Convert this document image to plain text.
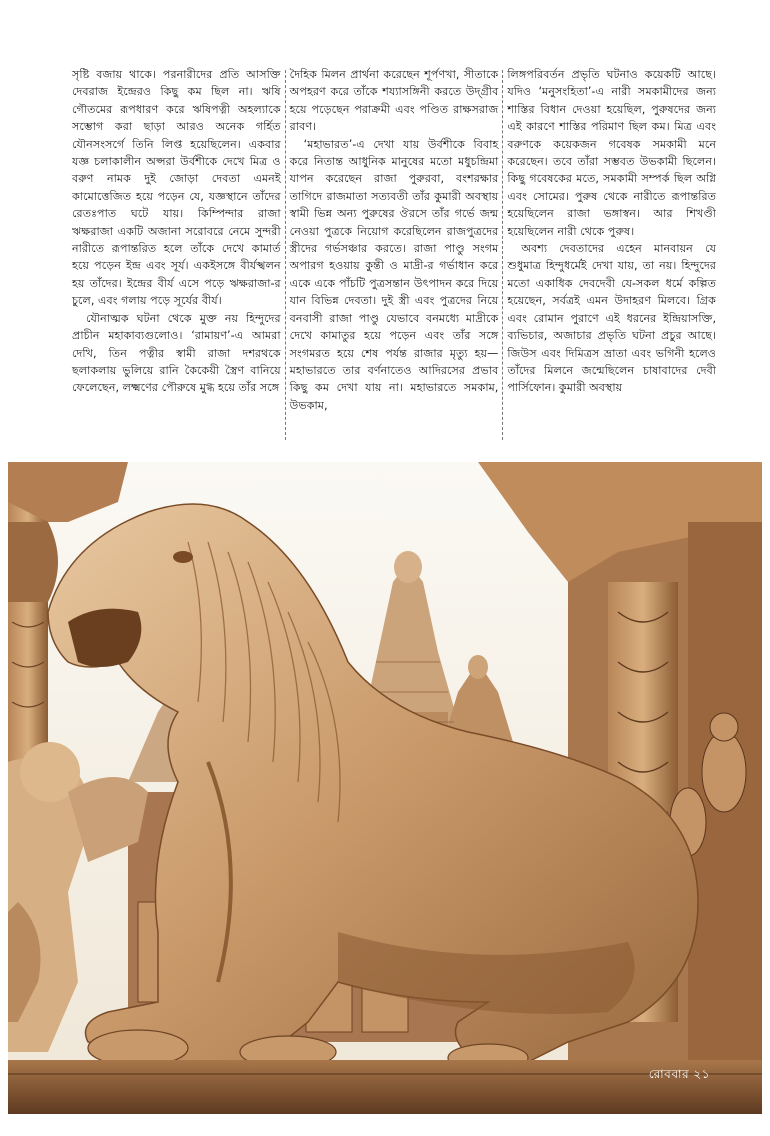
সৃষ্টি বজায় থাকে। পরনারীদের প্রতি আসক্তি দেবরাজ ইন্দ্রেরও কিছু কম ছিল না। ঋষি গৌতমের রূপধারণ করে ঋষিপত্নী অহল্যাকে সম্ভোগ করা ছাড়া আরও অনেক গর্হিত যৌনসংসর্গে তিনি লিপ্ত হয়েছিলেন। একবার যজ্ঞ চলাকালীন অপ্সরা উর্বশীকে দেখে মিত্র ও বরুণ নামক দুই জোড়া দেবতা এমনই কামোত্তেজিত হয়ে পড়েন যে, যজ্ঞস্থানে তাঁদের রেতঃপাত ঘটে যায়। কিম্পিন্দার রাজা ঋক্ষরাজা একটি অজানা সরোবরে নেমে সুন্দরী নারীতে রূপান্তরিত হলে তাঁকে দেখে কামার্ত হয়ে পড়েন ইন্দ্র এবং সূর্য। একইসঙ্গে বীর্যস্খলন হয় তাঁদের। ইন্দ্রের বীর্য এসে পড়ে ঋক্ষরাজা-র চুলে, এবং গলায় পড়ে সূর্যের বীর্য।

যৌনাত্মক ঘটনা থেকে মুক্ত নয় হিন্দুদের প্রাচীন মহাকাব্যগুলোও। ‘রামায়ণ’-এ আমরা দেখি, তিন পত্নীর স্বামী রাজা দশরথকে ছলাকলায় ভুলিয়ে রানি কৈকেয়ী স্ত্রৈণ বানিয়ে ফেলেছেন, লক্ষ্মণের পৌরুষে মুগ্ধ হয়ে তাঁর সঙ্গে

দৈহিক মিলন প্রার্থনা করেছেন শূর্পণখা, সীতাকে অপহরণ করে তাঁকে শয্যাসঙ্গিনী করতে উদ্গ্রীব হয়ে পড়েছেন পরাক্রমী এবং পণ্ডিত রাক্ষসরাজ রাবণ।

‘মহাভারত’-এ দেখা যায় উর্বশীকে বিবাহ করে নিতান্ত আধুনিক মানুষের মতো মধুচন্দ্রিমা যাপন করেছেন রাজা পুরুরবা, বংশরক্ষার তাগিদে রাজমাতা সত্যবতী তাঁর কুমারী অবস্থায় স্বামী ভিন্ন অন্য পুরুষের ঔরসে তাঁর গর্ভে জন্ম নেওয়া পুত্রকে নিয়োগ করেছিলেন রাজপুত্রদের স্ত্রীদের গর্ভসঞ্চার করতে। রাজা পাণ্ডু সংগম অপারগ হওয়ায় কুন্তী ও মাদ্রী-র গর্ভাধান করে একে একে পাঁচটি পুত্রসন্তান উৎপাদন করে দিয়ে যান বিভিন্ন দেবতা। দুই স্ত্রী এবং পুত্রদের নিয়ে বনবাসী রাজা পাণ্ডু যেভাবে বনমধ্যে মাদ্রীকে দেখে কামাতুর হয়ে পড়েন এবং তাঁর সঙ্গে সংগমরত হয়ে শেষ পর্যন্ত রাজার মৃত্যু হয়—মহাভারতে তার বর্ণনাতেও আদিরসের প্রভাব কিছু কম দেখা যায় না। মহাভারতে সমকাম, উভকাম,

লিঙ্গপরিবর্তন প্রভৃতি ঘটনাও কয়েকটি আছে। যদিও ‘মনুসংহিতা’-এ নারী সমকামীদের জন্য শাস্তির বিধান দেওয়া হয়েছিল, পুরুষদের জন্য এই কারণে শাস্তির পরিমাণ ছিল কম। মিত্র এবং বরুণকে কয়েকজন গবেষক সমকামী মনে করেছেন। তবে তাঁরা সম্ভবত উভকামী ছিলেন। কিছু গবেষকের মতে, সমকামী সম্পর্ক ছিল অগ্নি এবং সোমের। পুরুষ থেকে নারীতে রূপান্তরিত হয়েছিলেন রাজা ভঙ্গাস্বন। আর শিখণ্ডী হয়েছিলেন নারী থেকে পুরুষ।

অবশ্য দেবতাদের এহেন মানবায়ন যে শুধুমাত্র হিন্দুধর্মেই দেখা যায়, তা নয়। হিন্দুদের মতো একাধিক দেবদেবী যে-সকল ধর্মে কল্পিত হয়েছেন, সর্বত্রই এমন উদাহরণ মিলবে। গ্রিক এবং রোমান পুরাণে এই ধরনের ইন্দ্রিয়াসক্তি, ব্যভিচার, অজাচার প্রভৃতি ঘটনা প্রচুর আছে। জিউস এবং দিমিত্রস ভ্রাতা এবং ভগিনী হলেও তাঁদের মিলনে জন্মেছিলেন চাষাবাদের দেবী পার্সিফোন। কুমারী অবস্থায়

রোববার ২১
